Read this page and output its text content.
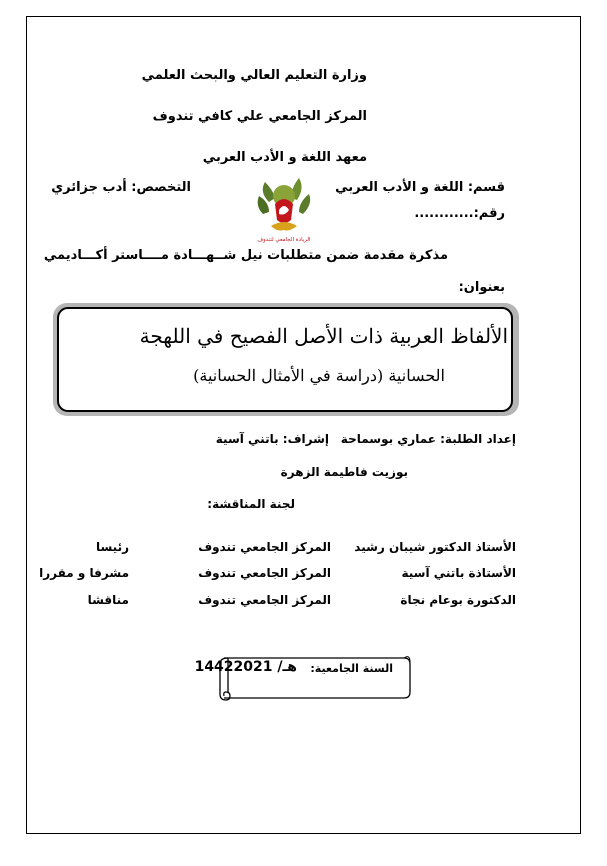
وزارة التعليم العالي والبحث العلمي
المركز الجامعي علي كافي تندوف
معهد اللغة و الأدب العربي
قسم: اللغة و الأدب العربي
التخصص: أدب جزائري
رقم:............
الريادة الجامعي لتندوف
مذكرة مقدمة ضمن متطلبات نيل شــهـــادة مــــاستر أكـــاديمي
بعنوان:
الألفاظ العربية ذات الأصل الفصيح في اللهجة
الحسانية (دراسة في الأمثال الحسانية)
إعداد الطلبة: عماري بوسماحة
إشراف: باتني آسية
بوزيت فاطيمة الزهرة
لجنة المناقشة:
الأستاذ الدكتور شيبان رشيد
المركز الجامعي تندوف
رئيسا
الأستاذة باتني آسية
المركز الجامعي تندوف
مشرفا و مقررا
الدكتورة بوعام نجاة
المركز الجامعي تندوف
مناقشا
السنة الجامعية:
1442هـ/ 2021
